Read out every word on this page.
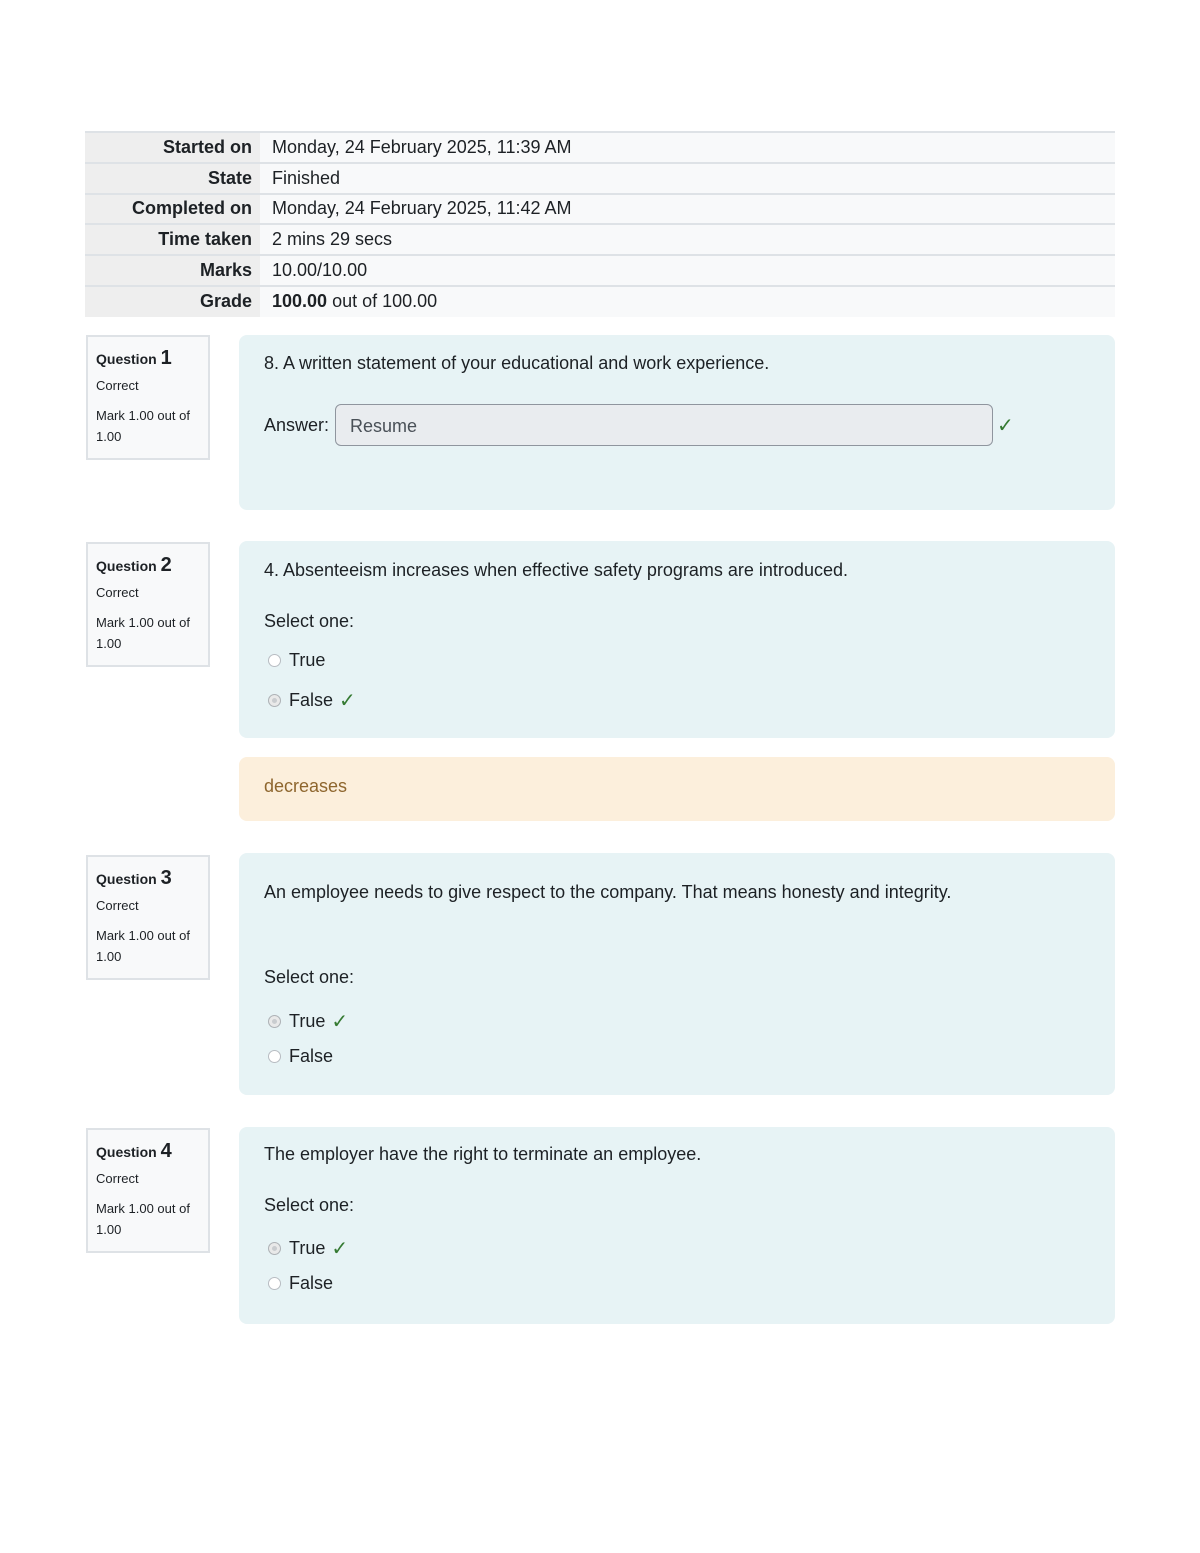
Started on	Monday, 24 February 2025, 11:39 AM
State	Finished
Completed on	Monday, 24 February 2025, 11:42 AM
Time taken	2 mins 29 secs
Marks	10.00/10.00
Grade	100.00 out of 100.00
Question 1
Correct
Mark 1.00 out of 1.00
8. A written statement of your educational and work experience.
Answer:	Resume	✓
Question 2
Correct
Mark 1.00 out of 1.00
4. Absenteeism increases when effective safety programs are introduced.
Select one:
True
False ✓
decreases
Question 3
Correct
Mark 1.00 out of 1.00
An employee needs to give respect to the company. That means honesty and integrity.
Select one:
True ✓
False
Question 4
Correct
Mark 1.00 out of 1.00
The employer have the right to terminate an employee.
Select one:
True ✓
False
